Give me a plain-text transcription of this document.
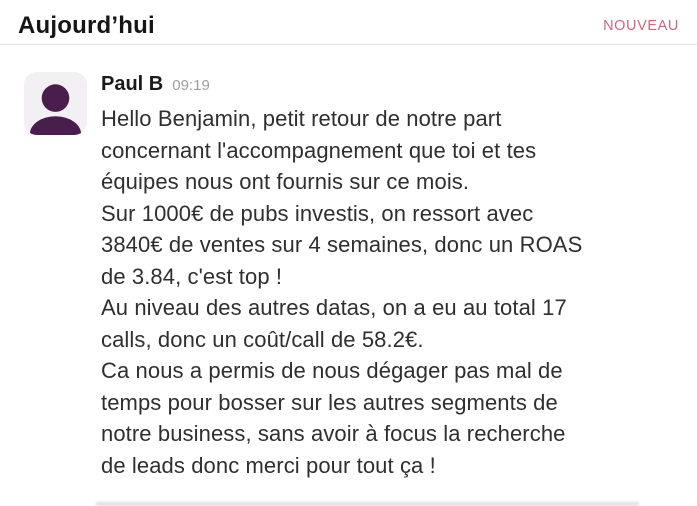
Aujourd’hui	NOUVEAU
Paul B 09:19
Hello Benjamin, petit retour de notre part
concernant l'accompagnement que toi et tes
équipes nous ont fournis sur ce mois.
Sur 1000€ de pubs investis, on ressort avec
3840€ de ventes sur 4 semaines, donc un ROAS
de 3.84, c'est top !
Au niveau des autres datas, on a eu au total 17
calls, donc un coût/call de 58.2€.
Ca nous a permis de nous dégager pas mal de
temps pour bosser sur les autres segments de
notre business, sans avoir à focus la recherche
de leads donc merci pour tout ça !
